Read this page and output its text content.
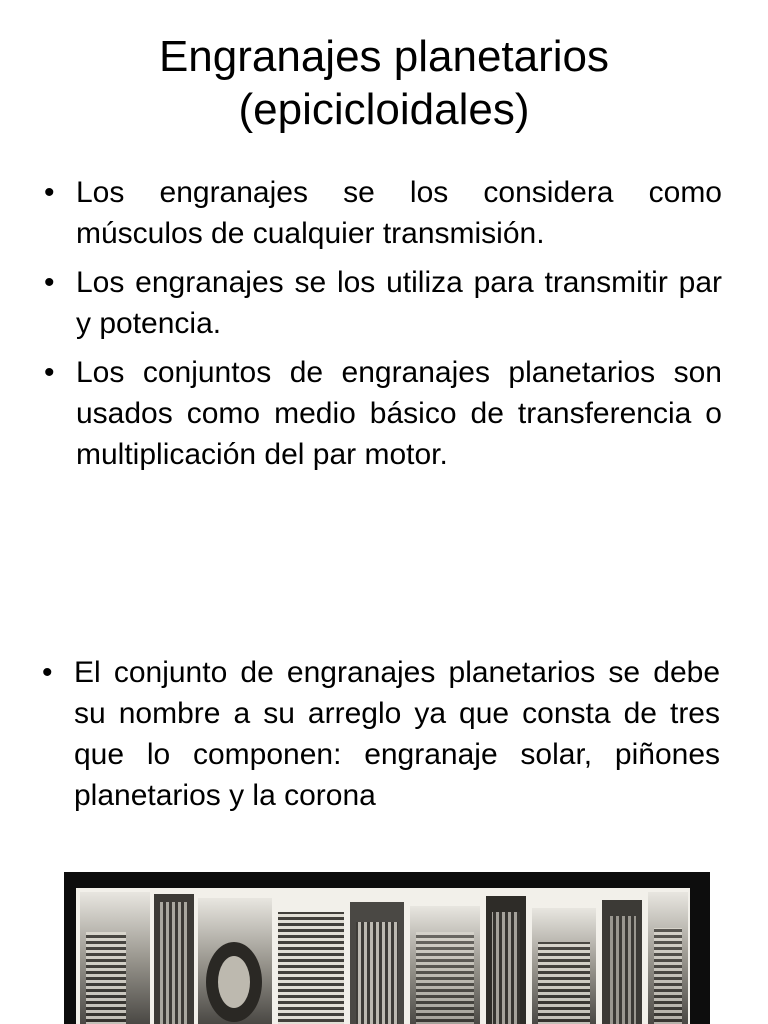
Engranajes planetarios
(epicicloidales)
• Los engranajes se los considera como músculos de cualquier transmisión.
• Los engranajes se los utiliza para transmitir par y potencia.
• Los conjuntos de engranajes planetarios son usados como medio básico de transferencia o multiplicación del par motor.
• El conjunto de engranajes planetarios se debe su nombre a su arreglo ya que consta de tres que lo componen: engranaje solar, piñones planetarios y la corona
